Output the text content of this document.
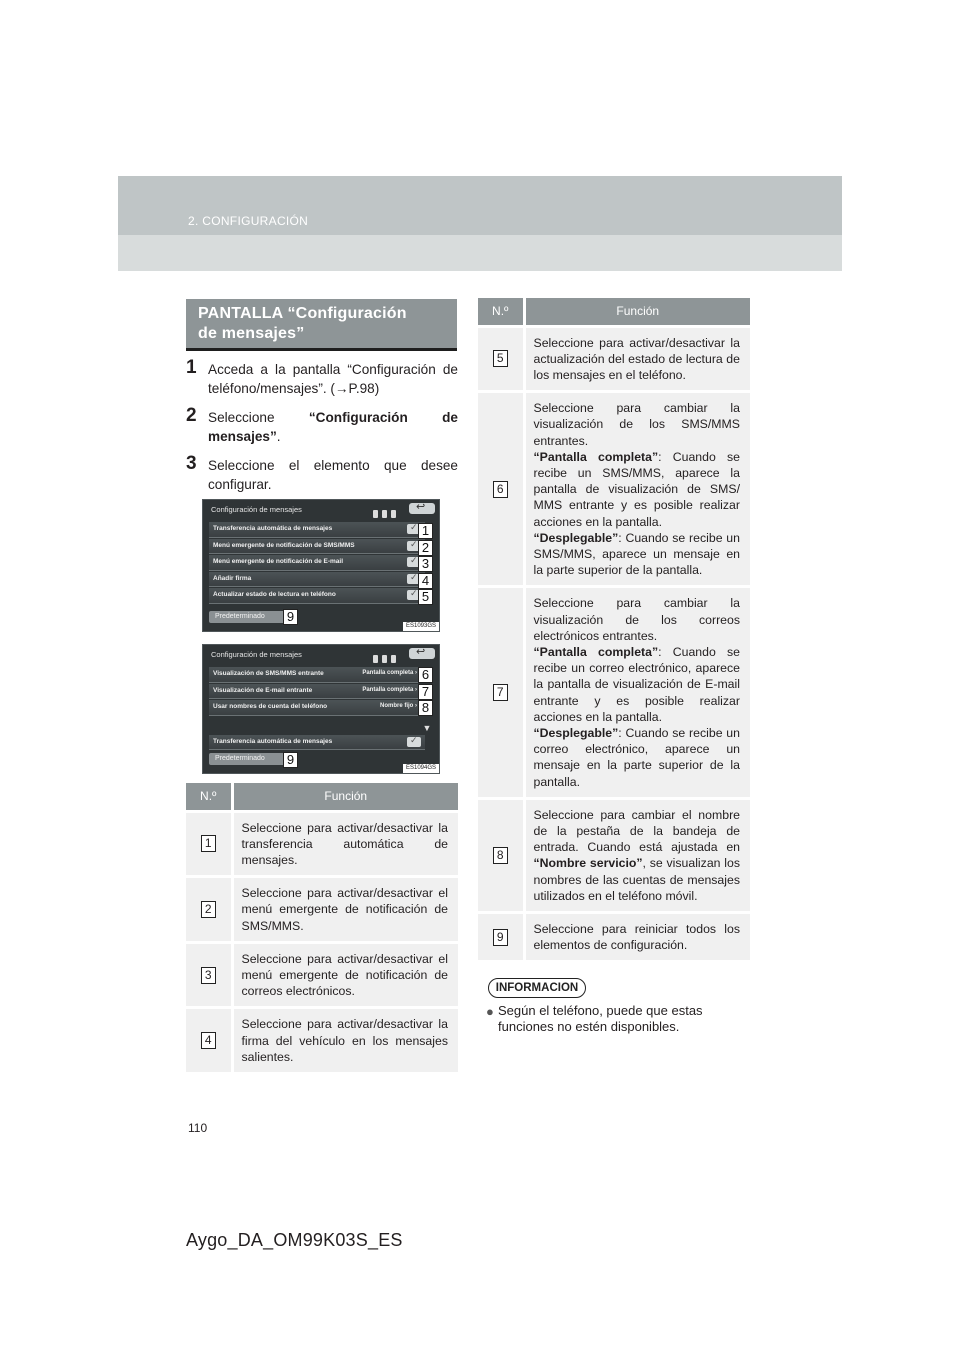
2. CONFIGURACIÓN
PANTALLA “Configuración
de mensajes”
1 Acceda a la pantalla “Configuración de teléfono/mensajes”. (→P.98)
2 Seleccione “Configuración de mensajes”.
3 Seleccione el elemento que desee configurar.
Configuración de mensajes
↩
Transferencia automática de mensajes
✓
Menú emergente de notificación de SMS/MMS
✓
Menú emergente de notificación de E-mail
✓
Añadir firma
✓
Actualizar estado de lectura en teléfono
✓
Predeterminado
ES1093GS
1
2
3
4
5
9
Configuración de mensajes
↩
Visualización de SMS/MMS entrante	Pantalla completa ›
Visualización de E-mail entrante	Pantalla completa ›
Usar nombres de cuenta del teléfono	Nombre fijo ›
Transferencia automática de mensajes
✓
▼
Predeterminado
ES1094GS
6
7
8
9
N.º	Función
1	Seleccione para activar/desactivar la transferencia automática de mensajes.
2	Seleccione para activar/desactivar el menú emergente de notificación de SMS/MMS.
3	Seleccione para activar/desactivar el menú emergente de notificación de correos electrónicos.
4	Seleccione para activar/desactivar la firma del vehículo en los mensajes salientes.
N.º	Función
5	Seleccione para activar/desactivar la actualización del estado de lectura de los mensajes en el teléfono.
6	Seleccione para cambiar la visualización de los SMS/MMS entrantes.
“Pantalla completa”: Cuando se recibe un SMS/MMS, aparece la pantalla de visualización de SMS/ MMS entrante y es posible realizar acciones en la pantalla.
“Desplegable”: Cuando se recibe un SMS/MMS, aparece un mensaje en la parte superior de la pantalla.
7	Seleccione para cambiar la visualización de los correos electrónicos entrantes.
“Pantalla completa”: Cuando se recibe un correo electrónico, aparece la pantalla de visualización de E-mail entrante y es posible realizar acciones en la pantalla.
“Desplegable”: Cuando se recibe un correo electrónico, aparece un mensaje en la parte superior de la pantalla.
8	Seleccione para cambiar el nombre de la pestaña de la bandeja de entrada. Cuando está ajustada en “Nombre servicio”, se visualizan los nombres de las cuentas de mensajes utilizados en el teléfono móvil.
9	Seleccione para reiniciar todos los elementos de configuración.
INFORMACION
● Según el teléfono, puede que estas funciones no estén disponibles.
110
Aygo_DA_OM99K03S_ES
